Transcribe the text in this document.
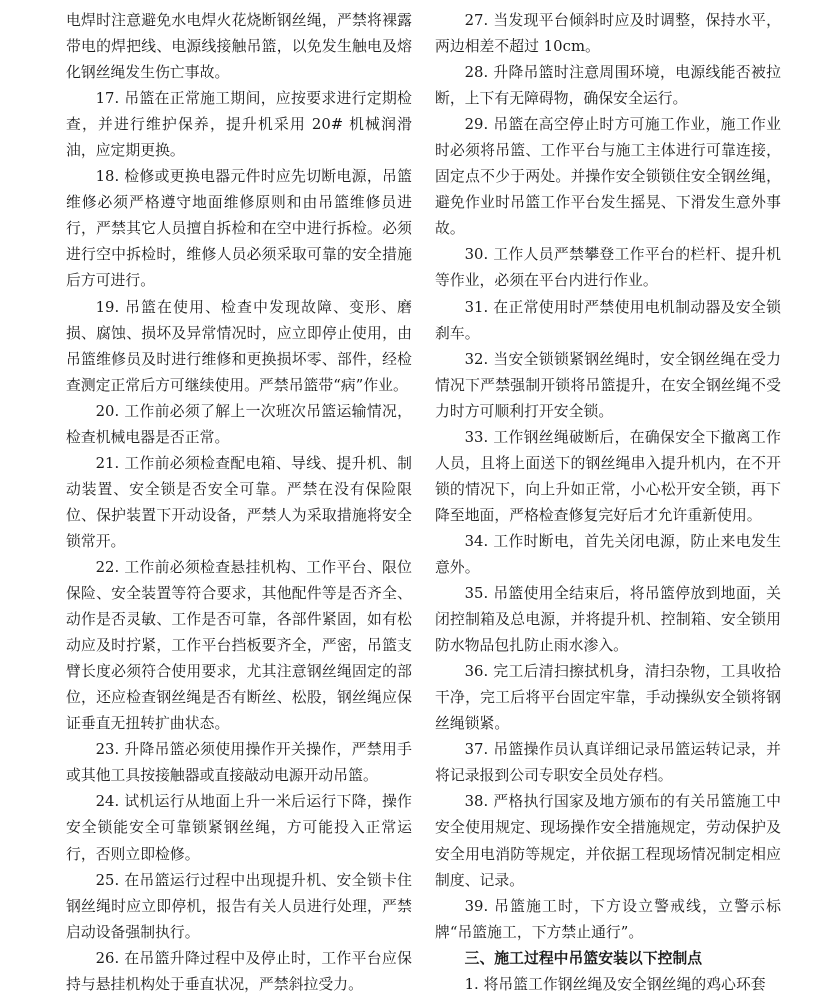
电焊时注意避免水电焊火花烧断钢丝绳，严禁将裸露带电的焊把线、电源线接触吊篮，以免发生触电及熔化钢丝绳发生伤亡事故。

17. 吊篮在正常施工期间，应按要求进行定期检查，并进行维护保养，提升机采用 20# 机械润滑油，应定期更换。

18. 检修或更换电器元件时应先切断电源，吊篮维修必须严格遵守地面维修原则和由吊篮维修员进行，严禁其它人员擅自拆检和在空中进行拆检。必须进行空中拆检时，维修人员必须采取可靠的安全措施后方可进行。

19. 吊篮在使用、检查中发现故障、变形、磨损、腐蚀、损坏及异常情况时，应立即停止使用，由吊篮维修员及时进行维修和更换损坏零、部件，经检查测定正常后方可继续使用。严禁吊篮带“病”作业。

20. 工作前必须了解上一次班次吊篮运输情况，检查机械电器是否正常。

21. 工作前必须检查配电箱、导线、提升机、制动装置、安全锁是否安全可靠。严禁在没有保险限位、保护装置下开动设备，严禁人为采取措施将安全锁常开。

22. 工作前必须检查悬挂机构、工作平台、限位保险、安全装置等符合要求，其他配件等是否齐全、动作是否灵敏、工作是否可靠，各部件紧固，如有松动应及时拧紧，工作平台挡板要齐全，严密，吊篮支臂长度必须符合使用要求，尤其注意钢丝绳固定的部位，还应检查钢丝绳是否有断丝、松股，钢丝绳应保证垂直无扭转扩曲状态。

23. 升降吊篮必须使用操作开关操作，严禁用手或其他工具按接触器或直接敲动电源开动吊篮。

24. 试机运行从地面上升一米后运行下降，操作安全锁能安全可靠锁紧钢丝绳，方可能投入正常运行，否则立即检修。

25. 在吊篮运行过程中出现提升机、安全锁卡住钢丝绳时应立即停机，报告有关人员进行处理，严禁启动设备强制执行。

26. 在吊篮升降过程中及停止时，工作平台应保持与悬挂机构处于垂直状况，严禁斜拉受力。

27. 当发现平台倾斜时应及时调整，保持水平，两边相差不超过 10cm。

28. 升降吊篮时注意周围环境，电源线能否被拉断，上下有无障碍物，确保安全运行。

29. 吊篮在高空停止时方可施工作业，施工作业时必须将吊篮、工作平台与施工主体进行可靠连接，固定点不少于两处。并操作安全锁锁住安全钢丝绳，避免作业时吊篮工作平台发生摇晃、下滑发生意外事故。

30. 工作人员严禁攀登工作平台的栏杆、提升机等作业，必须在平台内进行作业。

31. 在正常使用时严禁使用电机制动器及安全锁刹车。

32. 当安全锁锁紧钢丝绳时，安全钢丝绳在受力情况下严禁强制开锁将吊篮提升，在安全钢丝绳不受力时方可顺利打开安全锁。

33. 工作钢丝绳破断后，在确保安全下撤离工作人员，且将上面送下的钢丝绳串入提升机内，在不开锁的情况下，向上升如正常，小心松开安全锁，再下降至地面，严格检查修复完好后才允许重新使用。

34. 工作时断电，首先关闭电源，防止来电发生意外。

35. 吊篮使用全结束后，将吊篮停放到地面，关闭控制箱及总电源，并将提升机、控制箱、安全锁用防水物品包扎防止雨水渗入。

36. 完工后清扫擦拭机身，清扫杂物，工具收拾干净，完工后将平台固定牢靠，手动操纵安全锁将钢丝绳锁紧。

37. 吊篮操作员认真详细记录吊篮运转记录，并将记录报到公司专职安全员处存档。

38. 严格执行国家及地方颁布的有关吊篮施工中安全使用规定、现场操作安全措施规定，劳动保护及安全用电消防等规定，并依据工程现场情况制定相应制度、记录。

39. 吊篮施工时，下方设立警戒线，立警示标牌“吊篮施工，下方禁止通行”。

三、施工过程中吊篮安装以下控制点

1. 将吊篮工作钢丝绳及安全钢丝绳的鸡心环套
